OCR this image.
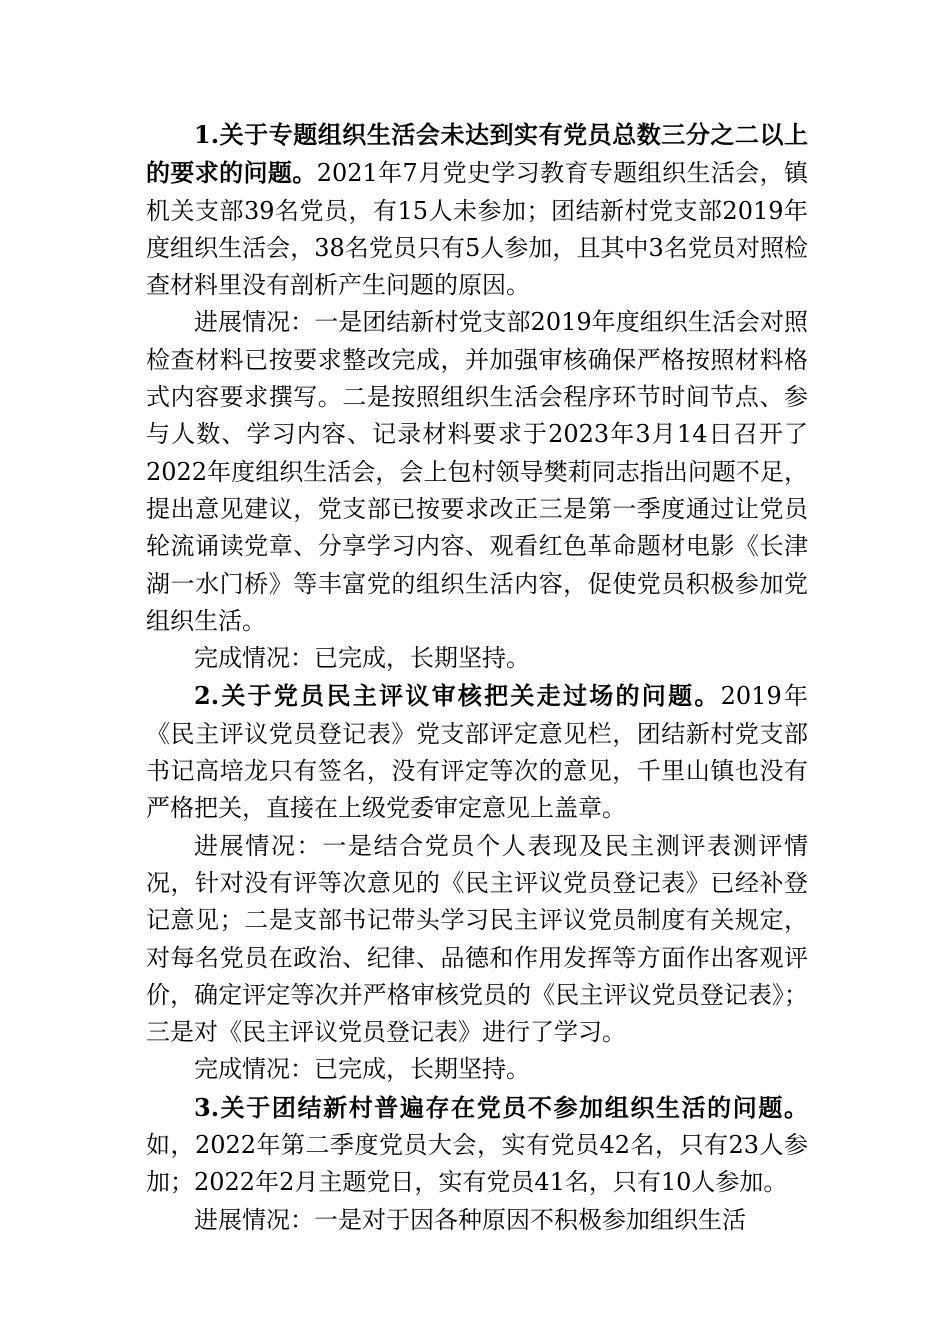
1.关于专题组织生活会未达到实有党员总数三分之二以上的要求的问题。2021年7月党史学习教育专题组织生活会，镇机关支部39名党员，有15人未参加；团结新村党支部2019年度组织生活会，38名党员只有5人参加，且其中3名党员对照检查材料里没有剖析产生问题的原因。

进展情况：一是团结新村党支部2019年度组织生活会对照检查材料已按要求整改完成，并加强审核确保严格按照材料格式内容要求撰写。二是按照组织生活会程序环节时间节点、参与人数、学习内容、记录材料要求于2023年3月14日召开了2022年度组织生活会，会上包村领导樊莉同志指出问题不足，提出意见建议，党支部已按要求改正三是第一季度通过让党员轮流诵读党章、分享学习内容、观看红色革命题材电影《长津湖一水门桥》等丰富党的组织生活内容，促使党员积极参加党组织生活。

完成情况：已完成，长期坚持。

2.关于党员民主评议审核把关走过场的问题。2019年《民主评议党员登记表》党支部评定意见栏，团结新村党支部书记高培龙只有签名，没有评定等次的意见，千里山镇也没有严格把关，直接在上级党委审定意见上盖章。

进展情况：一是结合党员个人表现及民主测评表测评情况，针对没有评等次意见的《民主评议党员登记表》已经补登记意见；二是支部书记带头学习民主评议党员制度有关规定，对每名党员在政治、纪律、品德和作用发挥等方面作出客观评价，确定评定等次并严格审核党员的《民主评议党员登记表》；三是对《民主评议党员登记表》进行了学习。

完成情况：已完成，长期坚持。

3.关于团结新村普遍存在党员不参加组织生活的问题。如，2022年第二季度党员大会，实有党员42名，只有23人参加；2022年2月主题党日，实有党员41名，只有10人参加。

进展情况：一是对于因各种原因不积极参加组织生活
